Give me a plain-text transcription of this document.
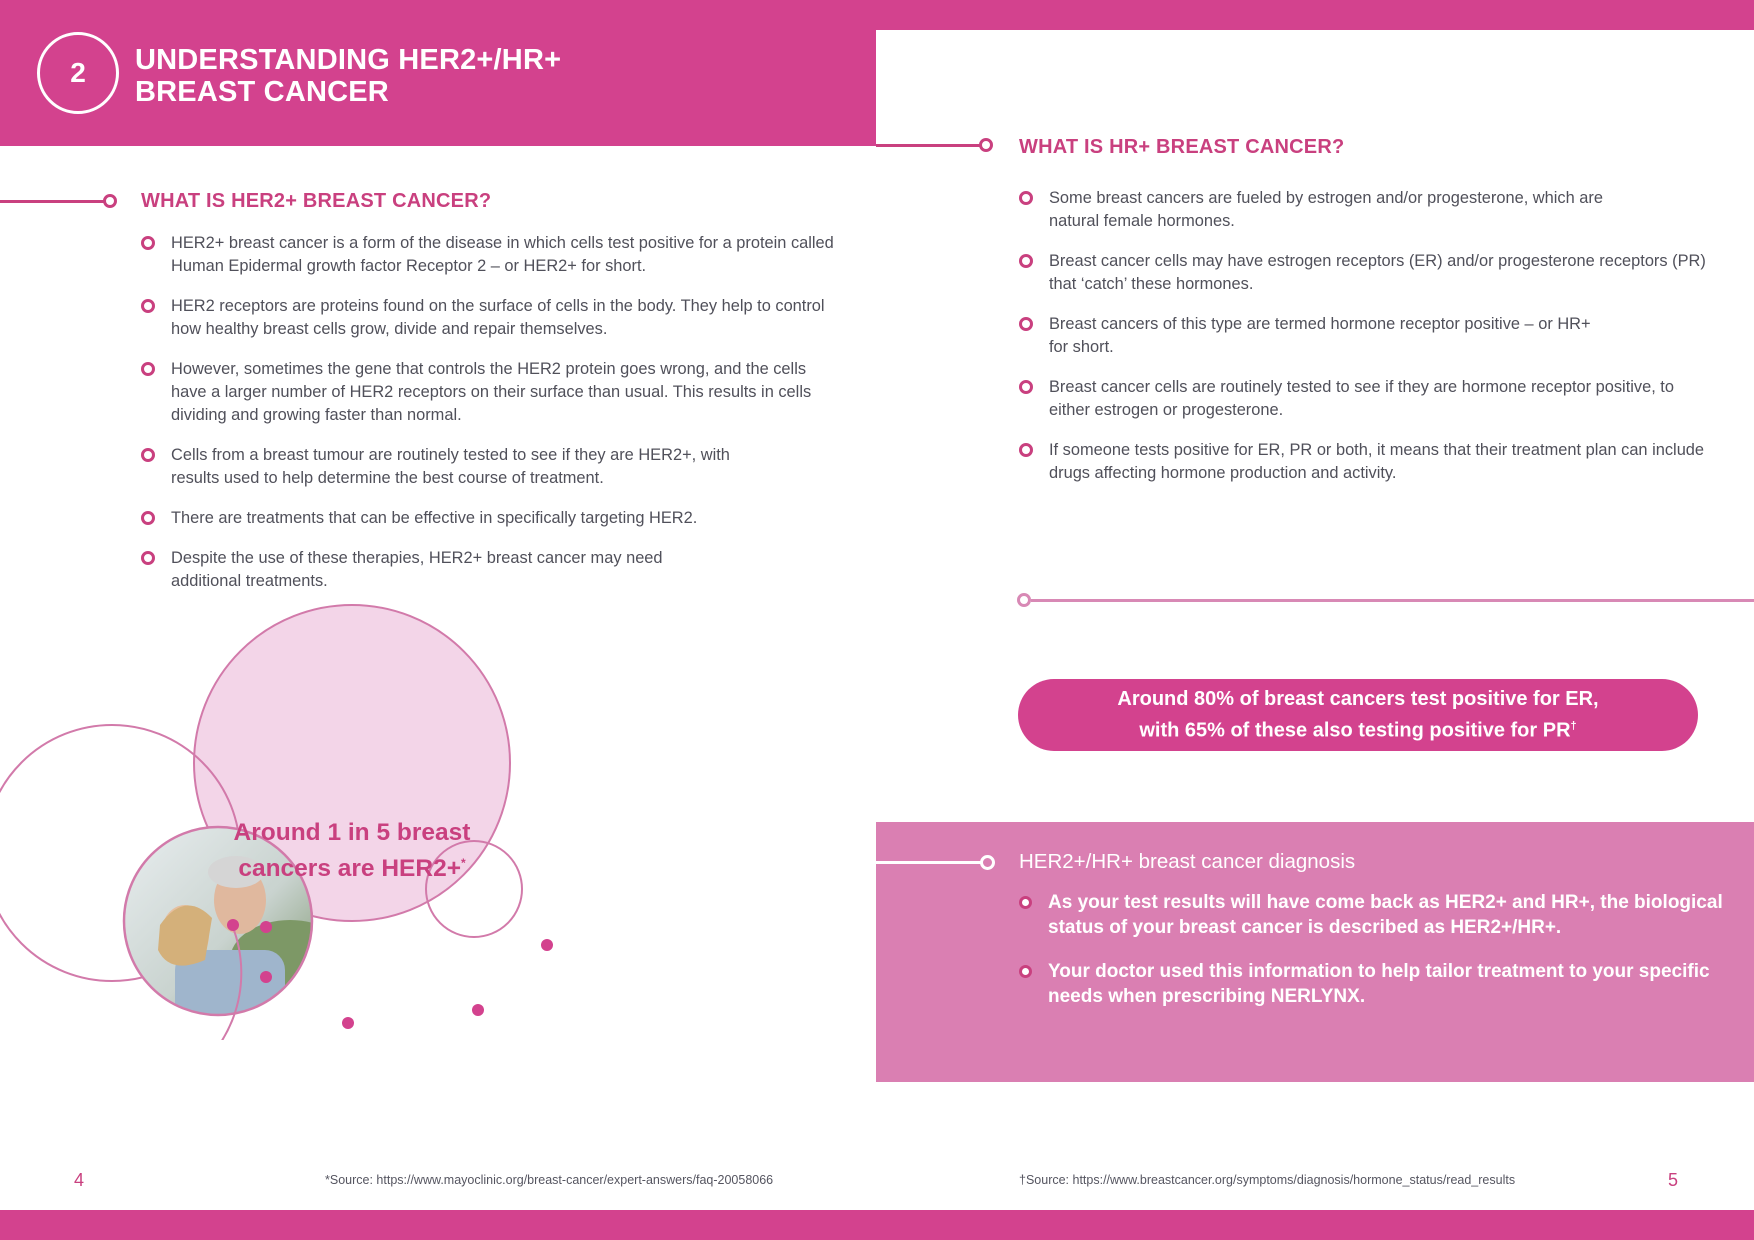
2 UNDERSTANDING HER2+/HR+
BREAST CANCER
WHAT IS HR+ BREAST CANCER?
WHAT IS HER2+ BREAST CANCER?
HER2+ breast cancer is a form of the disease in which cells test positive for a protein called Human Epidermal growth factor Receptor 2 – or HER2+ for short.
HER2 receptors are proteins found on the surface of cells in the body. They help to control how healthy breast cells grow, divide and repair themselves.
However, sometimes the gene that controls the HER2 protein goes wrong, and the cells have a larger number of HER2 receptors on their surface than usual. This results in cells dividing and growing faster than normal.
Cells from a breast tumour are routinely tested to see if they are HER2+, with results used to help determine the best course of treatment.
There are treatments that can be effective in specifically targeting HER2.
Despite the use of these therapies, HER2+ breast cancer may need additional treatments.
Some breast cancers are fueled by estrogen and/or progesterone, which are natural female hormones.
Breast cancer cells may have estrogen receptors (ER) and/or progesterone receptors (PR) that ‘catch’ these hormones.
Breast cancers of this type are termed hormone receptor positive – or HR+ for short.
Breast cancer cells are routinely tested to see if they are hormone receptor positive, to either estrogen or progesterone.
If someone tests positive for ER, PR or both, it means that their treatment plan can include drugs affecting hormone production and activity.
Around 80% of breast cancers test positive for ER,
with 65% of these also testing positive for PR†
HER2+/HR+ breast cancer diagnosis
As your test results will have come back as HER2+ and HR+, the biological status of your breast cancer is described as HER2+/HR+.
Your doctor used this information to help tailor treatment to your specific needs when prescribing NERLYNX.
Around 1 in 5 breast
cancers are HER2+*
4	*Source: https://www.mayoclinic.org/breast-cancer/expert-answers/faq-20058066	†Source: https://www.breastcancer.org/symptoms/diagnosis/hormone_status/read_results	5
